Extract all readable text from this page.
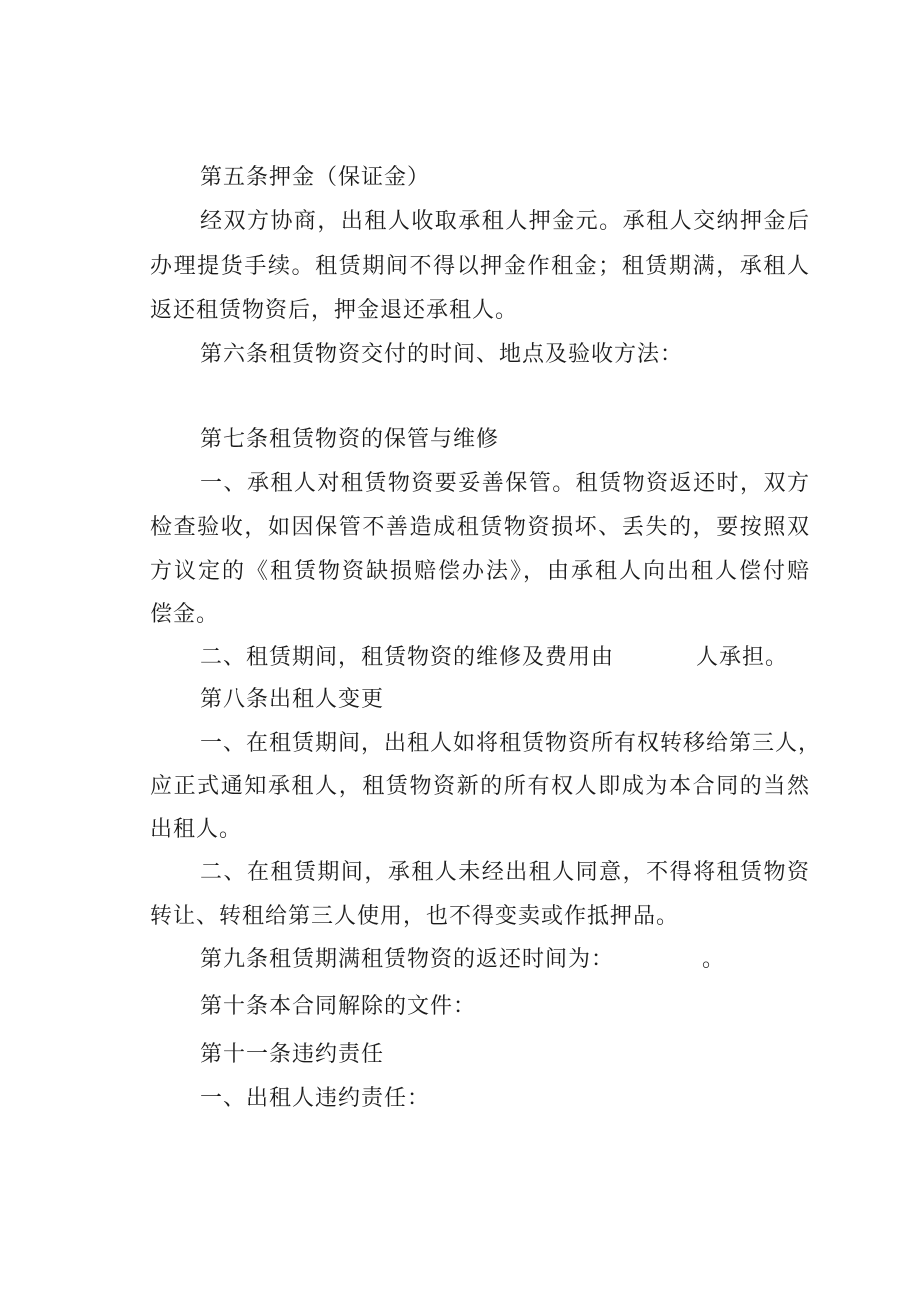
第五条押金（保证金）
经双方协商，出租人收取承租人押金元。承租人交纳押金后
办理提货手续。租赁期间不得以押金作租金；租赁期满，承租人
返还租赁物资后，押金退还承租人。
第六条租赁物资交付的时间、地点及验收方法：
第七条租赁物资的保管与维修
一、承租人对租赁物资要妥善保管。租赁物资返还时，双方
检查验收，如因保管不善造成租赁物资损坏、丢失的，要按照双
方议定的《租赁物资缺损赔偿办法》，由承租人向出租人偿付赔
偿金。
二、租赁期间，租赁物资的维修及费用由	人承担。
第八条出租人变更
一、在租赁期间，出租人如将租赁物资所有权转移给第三人，
应正式通知承租人，租赁物资新的所有权人即成为本合同的当然
出租人。
二、在租赁期间，承租人未经出租人同意，不得将租赁物资
转让、转租给第三人使用，也不得变卖或作抵押品。
第九条租赁期满租赁物资的返还时间为：	。
第十条本合同解除的文件：
第十一条违约责任
一、出租人违约责任：
